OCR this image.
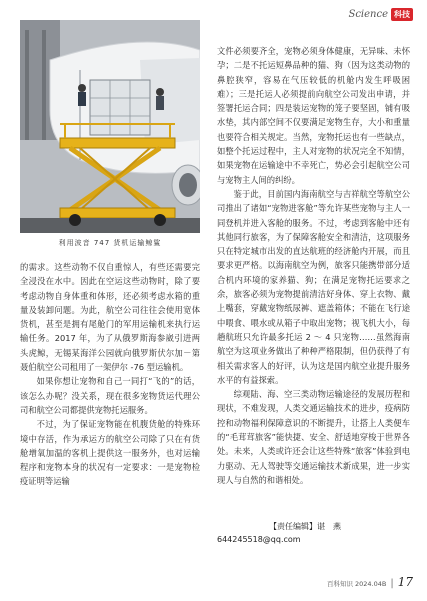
Science 科技
利用波音 747 货机运输鲸鲨

文件必须要齐全，宠物必须身体健康，无异味、未怀孕；二是不托运短鼻品种的猫、狗（因为这类动物的鼻腔狭窄，容易在气压较低的机舱内发生呼吸困难）；三是托运人必须提前向航空公司发出申请，并签署托运合同；四是装运宠物的笼子要坚固，铺有吸水垫，其内部空间不仅要满足宠物生存，大小和重量也要符合相关规定。当然，宠物托运也有一些缺点，如整个托运过程中，主人对宠物的状况完全不知情，如果宠物在运输途中不幸死亡，势必会引起航空公司与宠物主人间的纠纷。

鉴于此，目前国内海南航空与吉祥航空等航空公司推出了诸如“宠物进客舱”等允许某些宠物与主人一同登机并进入客舱的服务。不过，考虑到客舱中还有其他同行旅客，为了保障客舱安全和清洁，这项服务只在特定城市出发的直达航班的经济舱内开展，而且要求更严格。以海南航空为例，旅客只能携带部分适合机内环境的家养猫、狗；在满足宠物托运要求之余，旅客必须为宠物提前清洁好身体、穿上衣物、戴上嘴套，穿戴宠物纸尿裤、遮盖箱体；不能在飞行途中喂食、喂水或从箱子中取出宠物；视飞机大小，每趟航班只允许最多托运 2 ～ 4 只宠物……虽然海南航空为这项业务做出了种种严格限制，但仍获得了有相关需求客人的好评，认为这是国内航空业提升服务水平的有益探索。

综观陆、海、空三类动物运输途径的发展历程和现状，不难发现，人类交通运输技术的进步，疫病防控和动物福利保障意识的不断提升，让搭上人类便车的“毛茸茸旅客”能快捷、安全、舒适地穿梭于世界各处。未来，人类或许还会让这些特殊“旅客”体验到电力驱动、无人驾驶等交通运输技术新成果，进一步实现人与自然的和谐相处。

的需求。这些动物不仅自重惊人，有些还需要完全浸没在水中。因此在空运这些动物时，除了要考虑动物自身体重和体形，还必须考虑水箱的重量及装卸问题。为此，航空公司往往会使用宽体货机，甚至是拥有尾舱门的军用运输机来执行运输任务。2017 年，为了从俄罗斯海参崴引进两头虎鲸，无锡某海洋公园就向俄罗斯伏尔加－第聂伯航空公司租用了一架伊尔 -76 型运输机。

如果你想让宠物和自己一同打“飞的”的话，该怎么办呢？没关系，现在很多宠物货运代理公司和航空公司都提供宠物托运服务。

不过，为了保证宠物能在机腹货舱的特殊环境中存活，作为承运方的航空公司除了只在有货舱增氧加温的客机上提供这一服务外，也对运输程序和宠物本身的状况有一定要求：一是宠物检疫证明等运输

【责任编辑】谌　燕
644245518@qq.com
百科知识 2024.04B | 17
